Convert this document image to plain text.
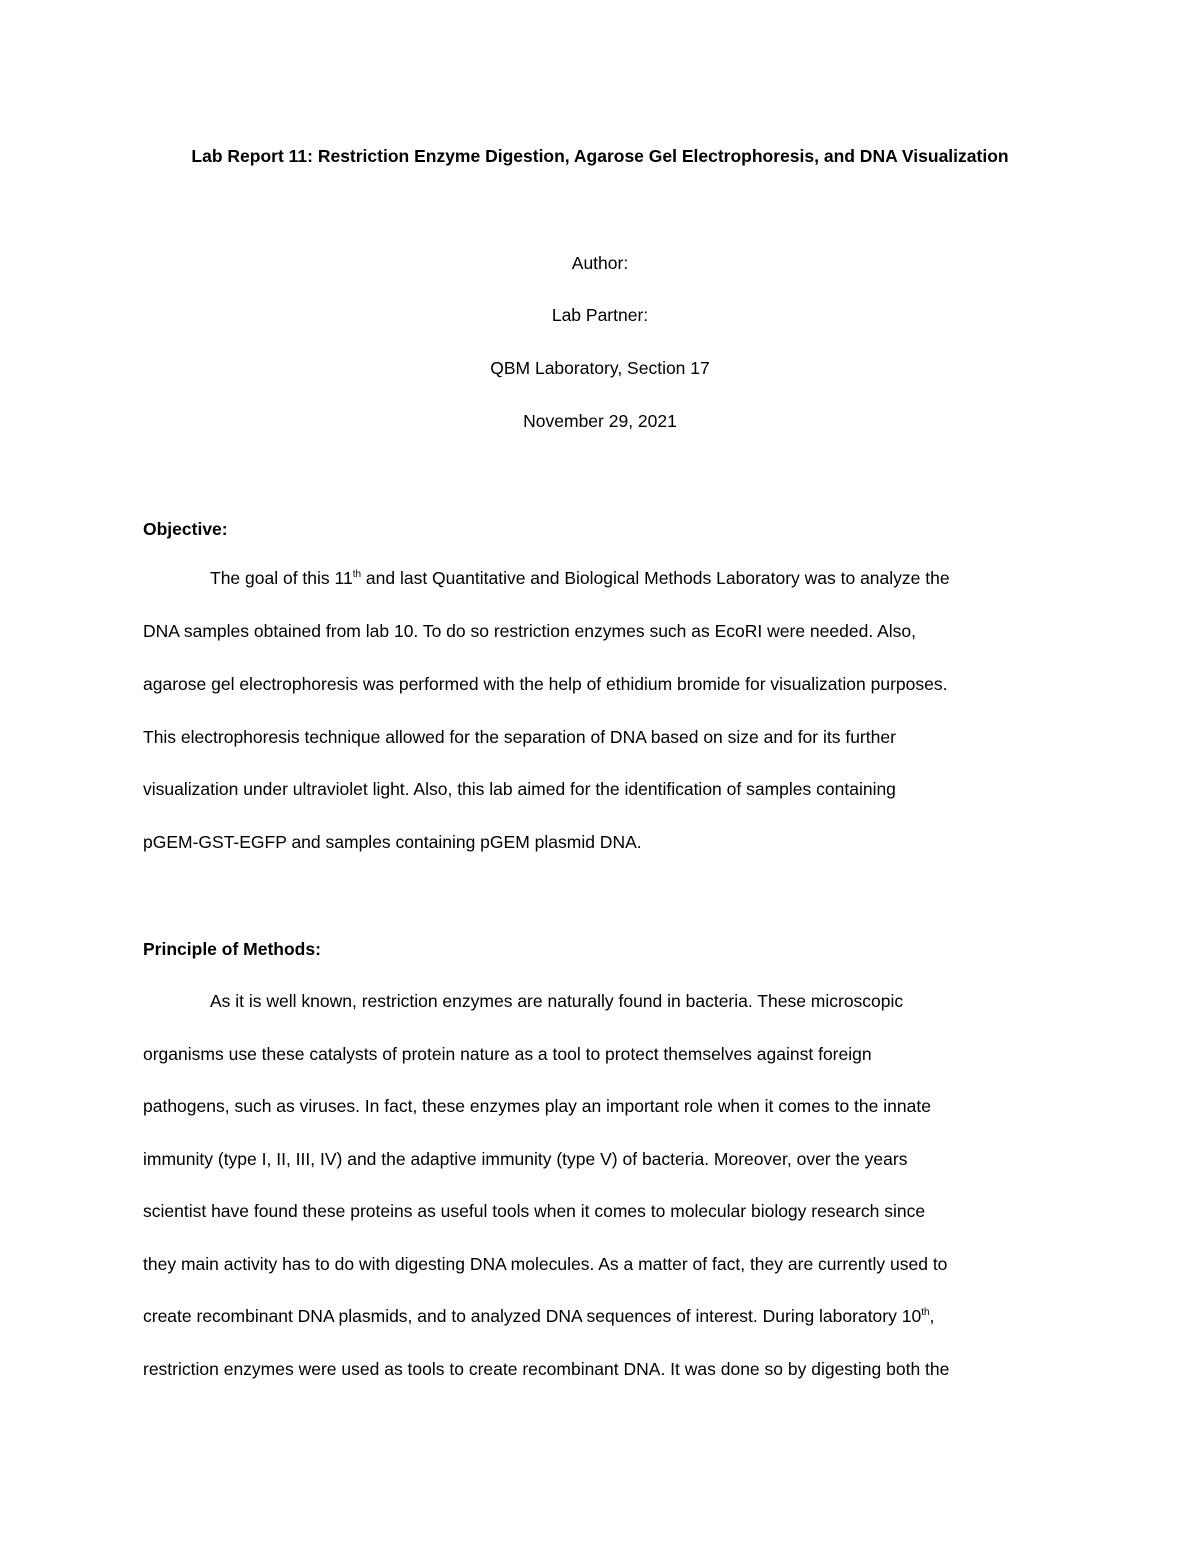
Lab Report 11: Restriction Enzyme Digestion, Agarose Gel Electrophoresis, and DNA Visualization
Author:
Lab Partner:
QBM Laboratory, Section 17
November 29, 2021
Objective:
The goal of this 11th and last Quantitative and Biological Methods Laboratory was to analyze the
DNA samples obtained from lab 10. To do so restriction enzymes such as EcoRI were needed. Also,
agarose gel electrophoresis was performed with the help of ethidium bromide for visualization purposes.
This electrophoresis technique allowed for the separation of DNA based on size and for its further
visualization under ultraviolet light. Also, this lab aimed for the identification of samples containing
pGEM-GST-EGFP and samples containing pGEM plasmid DNA.
Principle of Methods:
As it is well known, restriction enzymes are naturally found in bacteria. These microscopic
organisms use these catalysts of protein nature as a tool to protect themselves against foreign
pathogens, such as viruses. In fact, these enzymes play an important role when it comes to the innate
immunity (type I, II, III, IV) and the adaptive immunity (type V) of bacteria. Moreover, over the years
scientist have found these proteins as useful tools when it comes to molecular biology research since
they main activity has to do with digesting DNA molecules. As a matter of fact, they are currently used to
create recombinant DNA plasmids, and to analyzed DNA sequences of interest. During laboratory 10th,
restriction enzymes were used as tools to create recombinant DNA. It was done so by digesting both the
